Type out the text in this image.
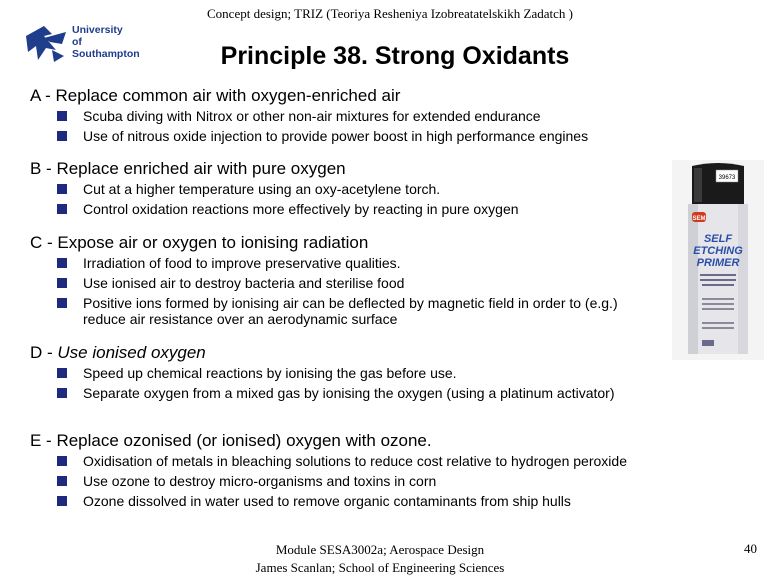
Concept design; TRIZ (Teoriya Resheniya Izobreatatelskikh Zadatch )
University
of Southampton	Principle 38. Strong Oxidants
A - Replace common air with oxygen-enriched air
Scuba diving with Nitrox or other non-air mixtures for extended endurance
Use of nitrous oxide injection to provide power boost in high performance engines
B - Replace enriched air with pure oxygen
Cut at a higher temperature using an oxy-acetylene torch.
Control oxidation reactions more effectively by reacting in pure oxygen
C - Expose air or oxygen to ionising radiation
Irradiation of food to improve preservative qualities.
Use ionised air to destroy bacteria and sterilise food
Positive ions formed by ionising air can be deflected by magnetic field in order to (e.g.) reduce air resistance over an aerodynamic surface
D - Use ionised oxygen
Speed up chemical reactions by ionising the gas before use.
Separate oxygen from a mixed gas by ionising the oxygen (using a platinum activator)
E - Replace ozonised (or ionised) oxygen with ozone.
Oxidisation of metals in bleaching solutions to reduce cost relative to hydrogen peroxide
Use ozone to destroy micro-organisms and toxins in corn
Ozone dissolved in water used to remove organic contaminants from ship hulls
39673
SEM
SELF
ETCHING
PRIMER
Module SESA3002a; Aerospace Design
James Scanlan; School of Engineering Sciences
40
